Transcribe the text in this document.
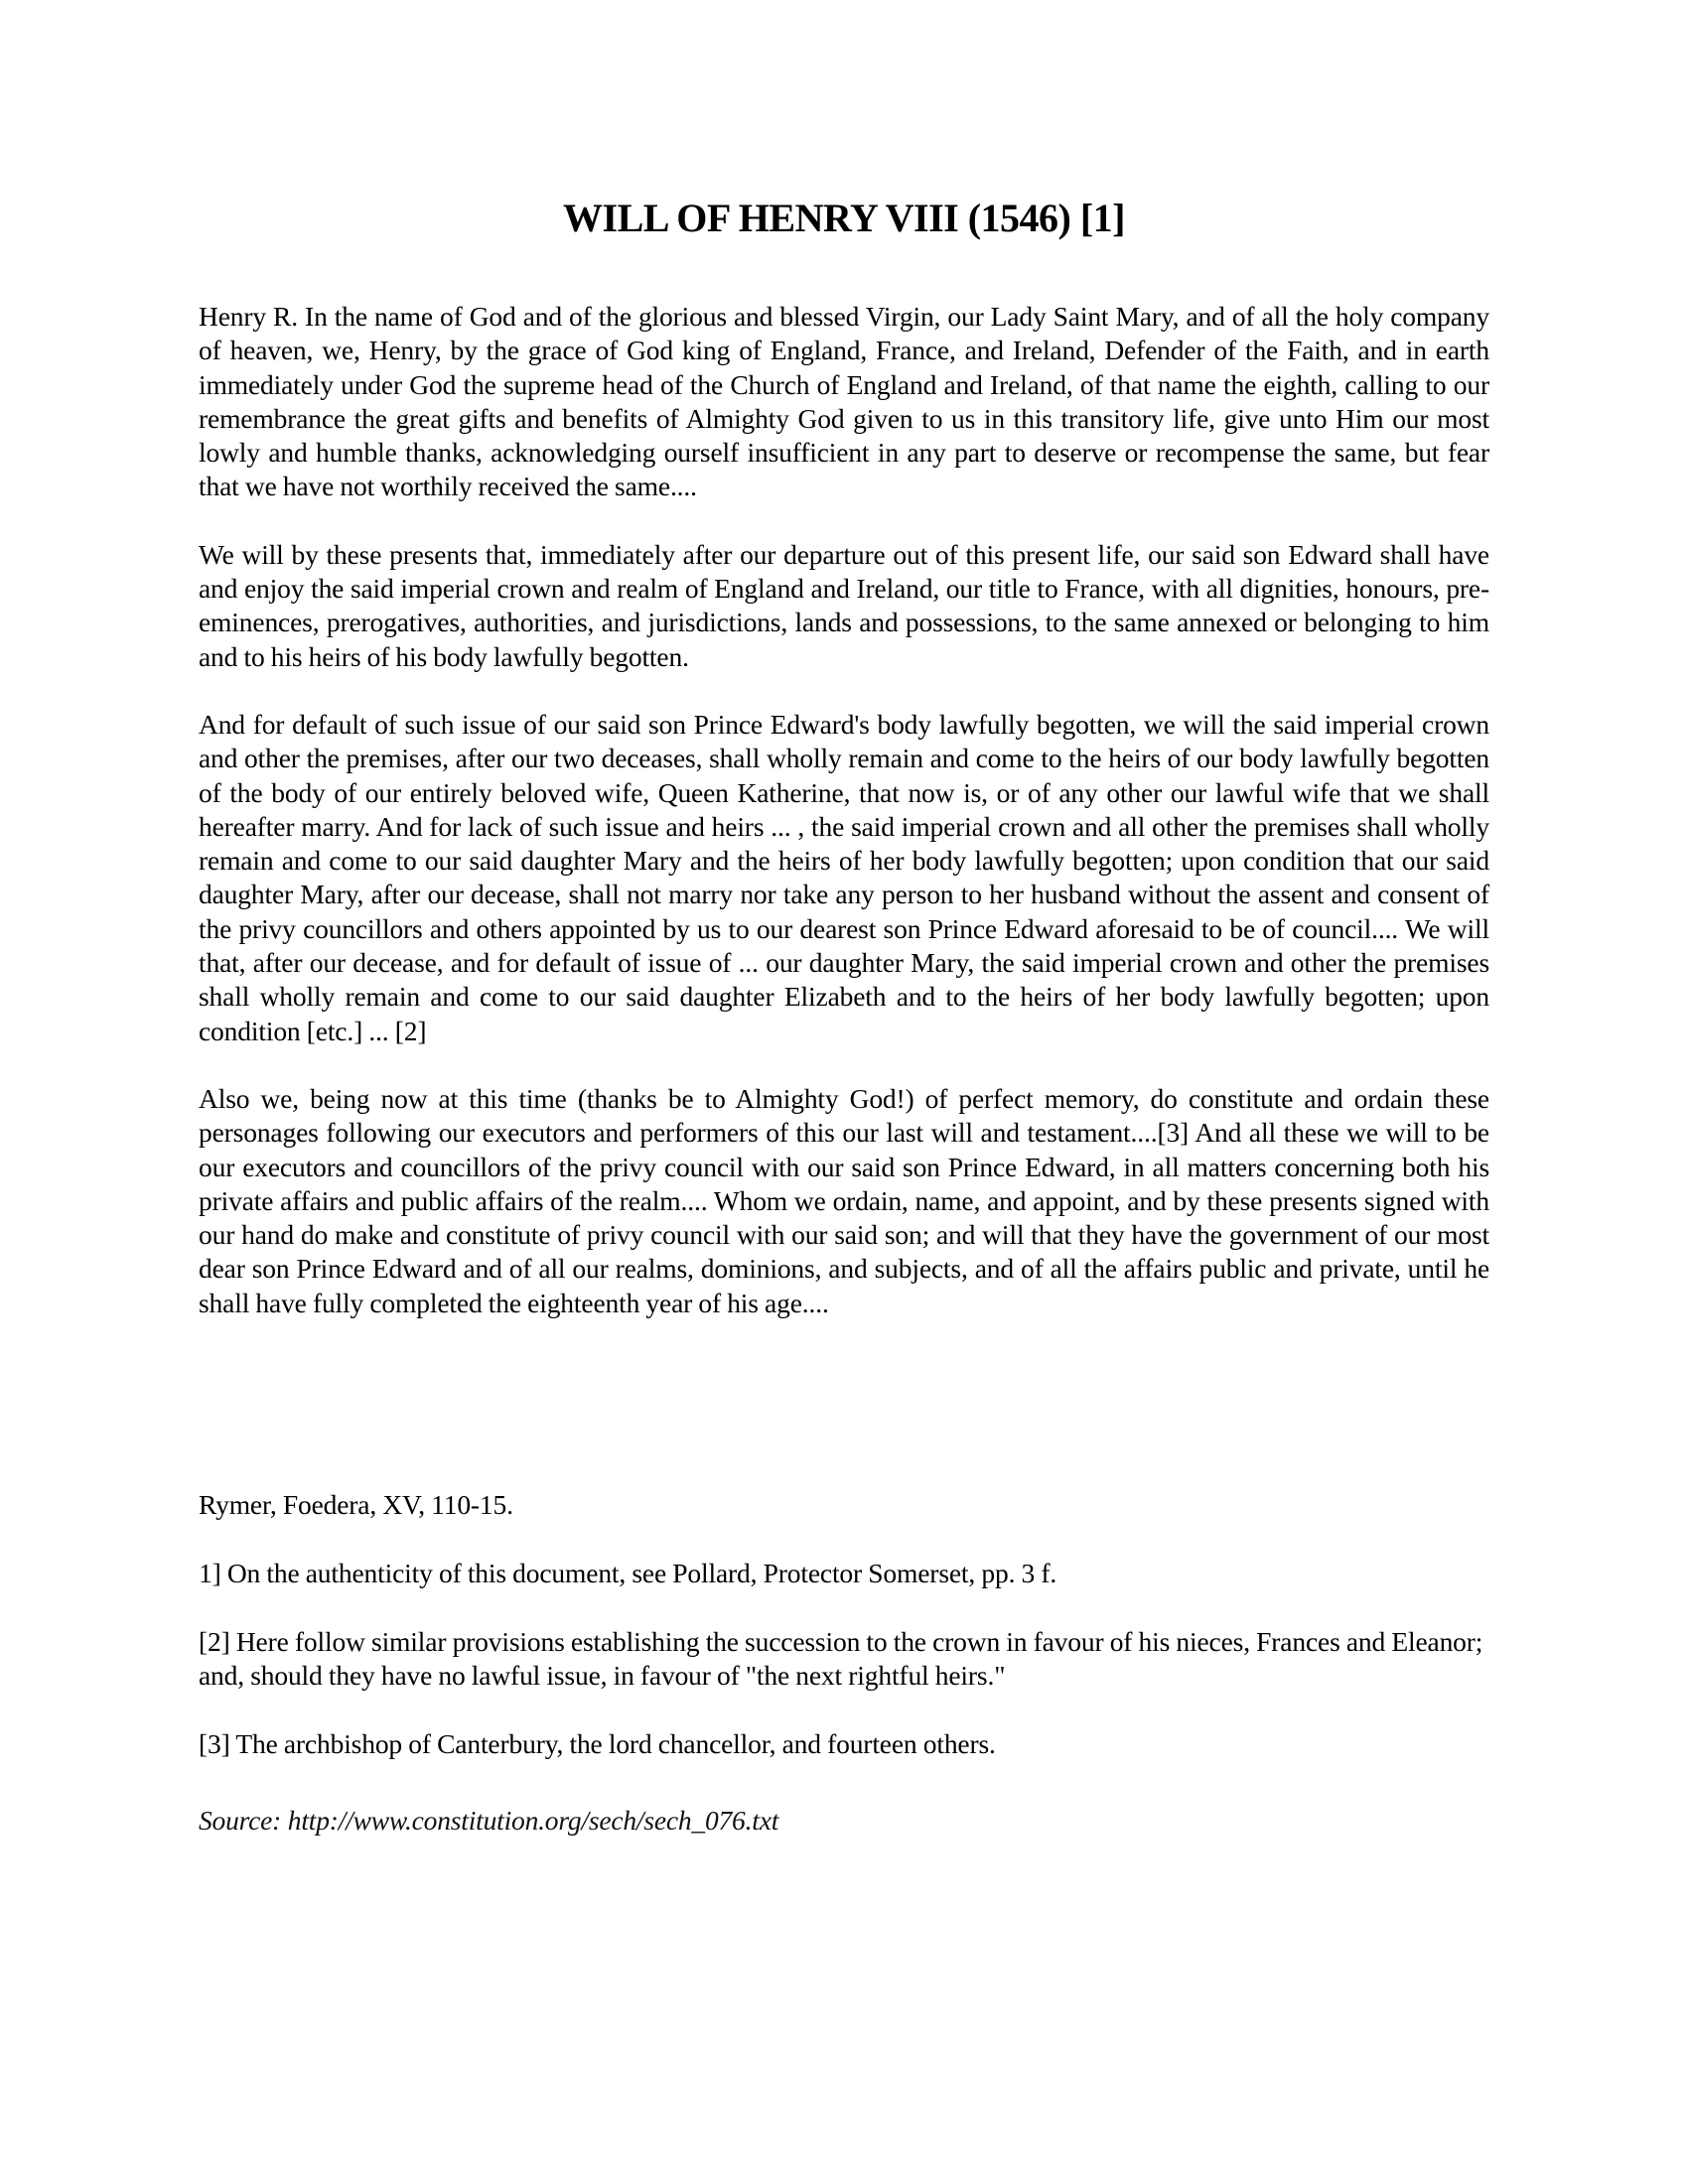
WILL OF HENRY VIII (1546) [1]

Henry R. In the name of God and of the glorious and blessed Virgin, our Lady Saint Mary, and of all the holy company of heaven, we, Henry, by the grace of God king of England, France, and Ireland, Defender of the Faith, and in earth immediately under God the supreme head of the Church of England and Ireland, of that name the eighth, calling to our remembrance the great gifts and benefits of Almighty God given to us in this transitory life, give unto Him our most lowly and humble thanks, acknowledging ourself insufficient in any part to deserve or recompense the same, but fear that we have not worthily received the same....

We will by these presents that, immediately after our departure out of this present life, our said son Edward shall have and enjoy the said imperial crown and realm of England and Ireland, our title to France, with all dignities, honours, pre-eminences, prerogatives, authorities, and jurisdictions, lands and possessions, to the same annexed or belonging to him and to his heirs of his body lawfully begotten.

And for default of such issue of our said son Prince Edward's body lawfully begotten, we will the said imperial crown and other the premises, after our two deceases, shall wholly remain and come to the heirs of our body lawfully begotten of the body of our entirely beloved wife, Queen Katherine, that now is, or of any other our lawful wife that we shall hereafter marry. And for lack of such issue and heirs ... , the said imperial crown and all other the premises shall wholly remain and come to our said daughter Mary and the heirs of her body lawfully begotten; upon condition that our said daughter Mary, after our decease, shall not marry nor take any person to her husband without the assent and consent of the privy councillors and others appointed by us to our dearest son Prince Edward aforesaid to be of council.... We will that, after our decease, and for default of issue of ... our daughter Mary, the said imperial crown and other the premises shall wholly remain and come to our said daughter Elizabeth and to the heirs of her body lawfully begotten; upon condition [etc.] ... [2]

Also we, being now at this time (thanks be to Almighty God!) of perfect memory, do constitute and ordain these personages following our executors and performers of this our last will and testament....[3] And all these we will to be our executors and councillors of the privy council with our said son Prince Edward, in all matters concerning both his private affairs and public affairs of the realm.... Whom we ordain, name, and appoint, and by these presents signed with our hand do make and constitute of privy council with our said son; and will that they have the government of our most dear son Prince Edward and of all our realms, dominions, and subjects, and of all the affairs public and private, until he shall have fully completed the eighteenth year of his age....

Rymer, Foedera, XV, 110-15.

1] On the authenticity of this document, see Pollard, Protector Somerset, pp. 3 f.

[2] Here follow similar provisions establishing the succession to the crown in favour of his nieces, Frances and Eleanor; and, should they have no lawful issue, in favour of "the next rightful heirs."

[3] The archbishop of Canterbury, the lord chancellor, and fourteen others.

Source: http://www.constitution.org/sech/sech_076.txt
